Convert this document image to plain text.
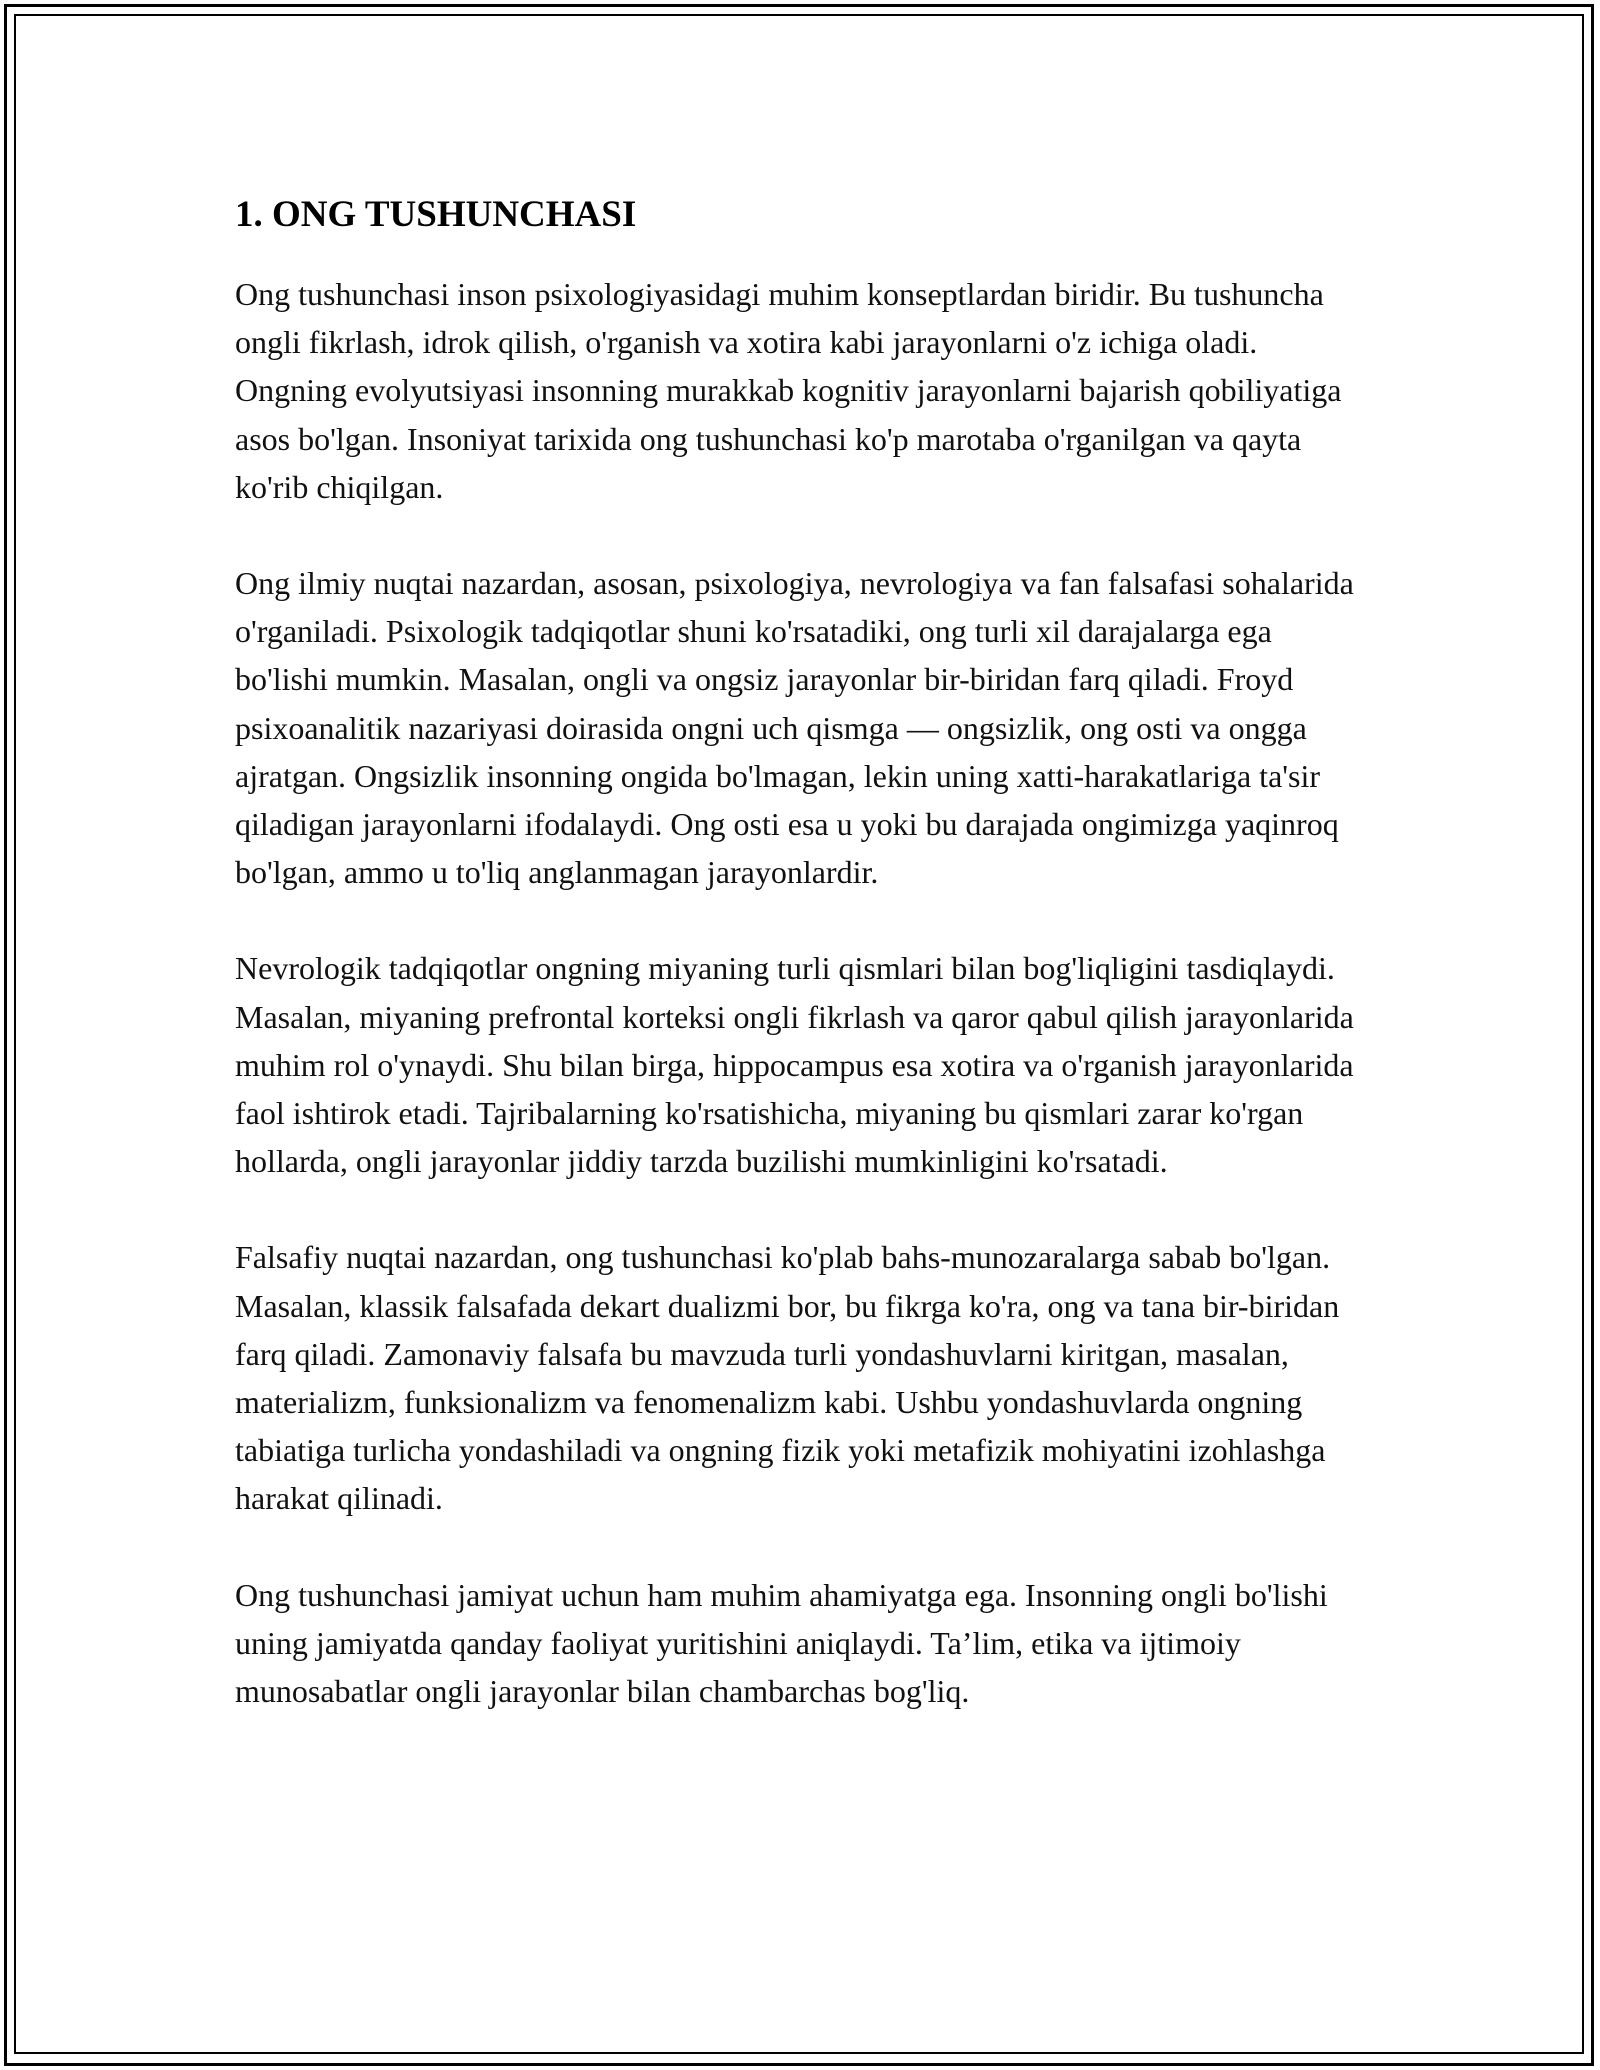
1. ONG TUSHUNCHASI

Ong tushunchasi inson psixologiyasidagi muhim konseptlardan biridir. Bu tushuncha ongli fikrlash, idrok qilish, o'rganish va xotira kabi jarayonlarni o'z ichiga oladi. Ongning evolyutsiyasi insonning murakkab kognitiv jarayonlarni bajarish qobiliyatiga asos bo'lgan. Insoniyat tarixida ong tushunchasi ko'p marotaba o'rganilgan va qayta ko'rib chiqilgan.

Ong ilmiy nuqtai nazardan, asosan, psixologiya, nevrologiya va fan falsafasi sohalarida o'rganiladi. Psixologik tadqiqotlar shuni ko'rsatadiki, ong turli xil darajalarga ega bo'lishi mumkin. Masalan, ongli va ongsiz jarayonlar bir-biridan farq qiladi. Froyd psixoanalitik nazariyasi doirasida ongni uch qismga — ongsizlik, ong osti va ongga ajratgan. Ongsizlik insonning ongida bo'lmagan, lekin uning xatti-harakatlariga ta'sir qiladigan jarayonlarni ifodalaydi. Ong osti esa u yoki bu darajada ongimizga yaqinroq bo'lgan, ammo u to'liq anglanmagan jarayonlardir.

Nevrologik tadqiqotlar ongning miyaning turli qismlari bilan bog'liqligini tasdiqlaydi. Masalan, miyaning prefrontal korteksi ongli fikrlash va qaror qabul qilish jarayonlarida muhim rol o'ynaydi. Shu bilan birga, hippocampus esa xotira va o'rganish jarayonlarida faol ishtirok etadi. Tajribalarning ko'rsatishicha, miyaning bu qismlari zarar ko'rgan hollarda, ongli jarayonlar jiddiy tarzda buzilishi mumkinligini ko'rsatadi.

Falsafiy nuqtai nazardan, ong tushunchasi ko'plab bahs-munozaralarga sabab bo'lgan. Masalan, klassik falsafada dekart dualizmi bor, bu fikrga ko'ra, ong va tana bir-biridan farq qiladi. Zamonaviy falsafa bu mavzuda turli yondashuvlarni kiritgan, masalan, materializm, funksionalizm va fenomenalizm kabi. Ushbu yondashuvlarda ongning tabiatiga turlicha yondashiladi va ongning fizik yoki metafizik mohiyatini izohlashga harakat qilinadi.

Ong tushunchasi jamiyat uchun ham muhim ahamiyatga ega. Insonning ongli bo'lishi uning jamiyatda qanday faoliyat yuritishini aniqlaydi. Ta’lim, etika va ijtimoiy munosabatlar ongli jarayonlar bilan chambarchas bog'liq.
